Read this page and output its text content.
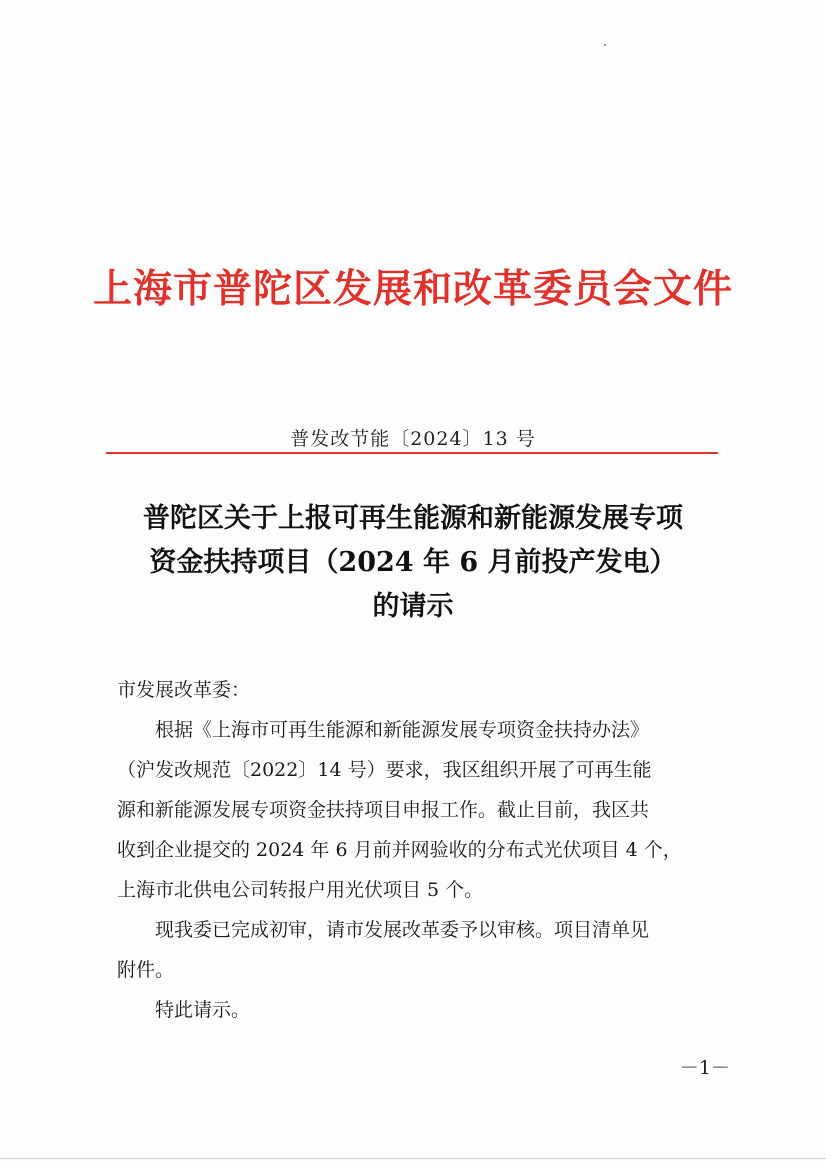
上海市普陀区发展和改革委员会文件
普发改节能〔2024〕13 号
普陀区关于上报可再生能源和新能源发展专项
资金扶持项目（2024 年 6 月前投产发电）
的请示
市发展改革委：
根据《上海市可再生能源和新能源发展专项资金扶持办法》
（沪发改规范〔2022〕14 号）要求，我区组织开展了可再生能
源和新能源发展专项资金扶持项目申报工作。截止目前，我区共
收到企业提交的 2024 年 6 月前并网验收的分布式光伏项目 4 个，
上海市北供电公司转报户用光伏项目 5 个。
现我委已完成初审，请市发展改革委予以审核。项目清单见
附件。
特此请示。
－1－
